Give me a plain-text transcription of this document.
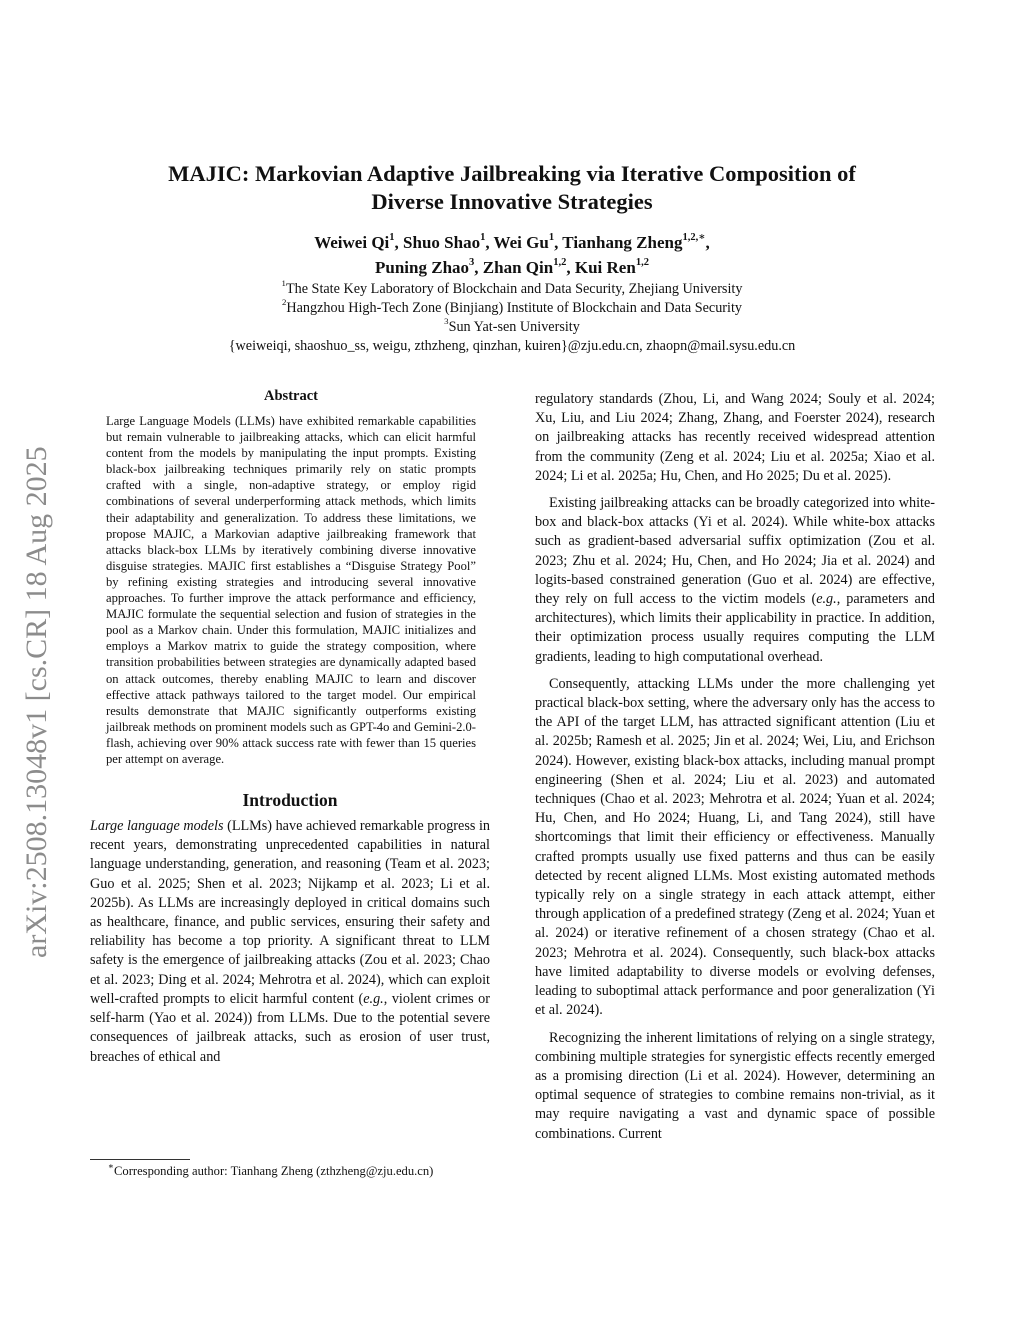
arXiv:2508.13048v1 [cs.CR] 18 Aug 2025
MAJIC: Markovian Adaptive Jailbreaking via Iterative Composition of
Diverse Innovative Strategies
Weiwei Qi$^1$, Shuo Shao$^1$, Wei Gu$^1$, Tianhang Zheng$^{1,2,∗}$,
Puning Zhao$^3$, Zhan Qin$^{1,2}$, Kui Ren$^{1,2}$
$^1$The State Key Laboratory of Blockchain and Data Security, Zhejiang University
$^2$Hangzhou High-Tech Zone (Binjiang) Institute of Blockchain and Data Security
$^3$Sun Yat-sen University
{weiweiqi, shaoshuo_ss, weigu, zthzheng, qinzhan, kuiren}@zju.edu.cn, zhaopn@mail.sysu.edu.cn
Abstract

Large Language Models (LLMs) have exhibited remarkable capabilities but remain vulnerable to jailbreaking attacks, which can elicit harmful content from the models by manipulating the input prompts. Existing black-box jailbreaking techniques primarily rely on static prompts crafted with a single, non-adaptive strategy, or employ rigid combinations of several underperforming attack methods, which limits their adaptability and generalization. To address these limitations, we propose MAJIC, a Markovian adaptive jailbreaking framework that attacks black-box LLMs by iteratively combining diverse innovative disguise strategies. MAJIC first establishes a “Disguise Strategy Pool” by refining existing strategies and introducing several innovative approaches. To further improve the attack performance and efficiency, MAJIC formulate the sequential selection and fusion of strategies in the pool as a Markov chain. Under this formulation, MAJIC initializes and employs a Markov matrix to guide the strategy composition, where transition probabilities between strategies are dynamically adapted based on attack outcomes, thereby enabling MAJIC to learn and discover effective attack pathways tailored to the target model. Our empirical results demonstrate that MAJIC significantly outperforms existing jailbreak methods on prominent models such as GPT-4o and Gemini-2.0-flash, achieving over 90% attack success rate with fewer than 15 queries per attempt on average.

Introduction

Large language models (LLMs) have achieved remarkable progress in recent years, demonstrating unprecedented capabilities in natural language understanding, generation, and reasoning (Team et al. 2023; Guo et al. 2025; Shen et al. 2023; Nijkamp et al. 2023; Li et al. 2025b). As LLMs are increasingly deployed in critical domains such as healthcare, finance, and public services, ensuring their safety and reliability has become a top priority. A significant threat to LLM safety is the emergence of jailbreaking attacks (Zou et al. 2023; Chao et al. 2023; Ding et al. 2024; Mehrotra et al. 2024), which can exploit well-crafted prompts to elicit harmful content (e.g., violent crimes or self-harm (Yao et al. 2024)) from LLMs. Due to the potential severe consequences of jailbreak attacks, such as erosion of user trust, breaches of ethical and

∗Corresponding author: Tianhang Zheng (zthzheng@zju.edu.cn)

regulatory standards (Zhou, Li, and Wang 2024; Souly et al. 2024; Xu, Liu, and Liu 2024; Zhang, Zhang, and Foerster 2024), research on jailbreaking attacks has recently received widespread attention from the community (Zeng et al. 2024; Liu et al. 2025a; Xiao et al. 2024; Li et al. 2025a; Hu, Chen, and Ho 2025; Du et al. 2025).

Existing jailbreaking attacks can be broadly categorized into white-box and black-box attacks (Yi et al. 2024). While white-box attacks such as gradient-based adversarial suffix optimization (Zou et al. 2023; Zhu et al. 2024; Hu, Chen, and Ho 2024; Jia et al. 2024) and logits-based constrained generation (Guo et al. 2024) are effective, they rely on full access to the victim models (e.g., parameters and architectures), which limits their applicability in practice. In addition, their optimization process usually requires computing the LLM gradients, leading to high computational overhead.

Consequently, attacking LLMs under the more challenging yet practical black-box setting, where the adversary only has the access to the API of the target LLM, has attracted significant attention (Liu et al. 2025b; Ramesh et al. 2025; Jin et al. 2024; Wei, Liu, and Erichson 2024). However, existing black-box attacks, including manual prompt engineering (Shen et al. 2024; Liu et al. 2023) and automated techniques (Chao et al. 2023; Mehrotra et al. 2024; Yuan et al. 2024; Hu, Chen, and Ho 2024; Huang, Li, and Tang 2024), still have shortcomings that limit their efficiency or effectiveness. Manually crafted prompts usually use fixed patterns and thus can be easily detected by recent aligned LLMs. Most existing automated methods typically rely on a single strategy in each attack attempt, either through application of a predefined strategy (Zeng et al. 2024; Yuan et al. 2024) or iterative refinement of a chosen strategy (Chao et al. 2023; Mehrotra et al. 2024). Consequently, such black-box attacks have limited adaptability to diverse models or evolving defenses, leading to suboptimal attack performance and poor generalization (Yi et al. 2024).

Recognizing the inherent limitations of relying on a single strategy, combining multiple strategies for synergistic effects recently emerged as a promising direction (Li et al. 2024). However, determining an optimal sequence of strategies to combine remains non-trivial, as it may require navigating a vast and dynamic space of possible combinations. Current
